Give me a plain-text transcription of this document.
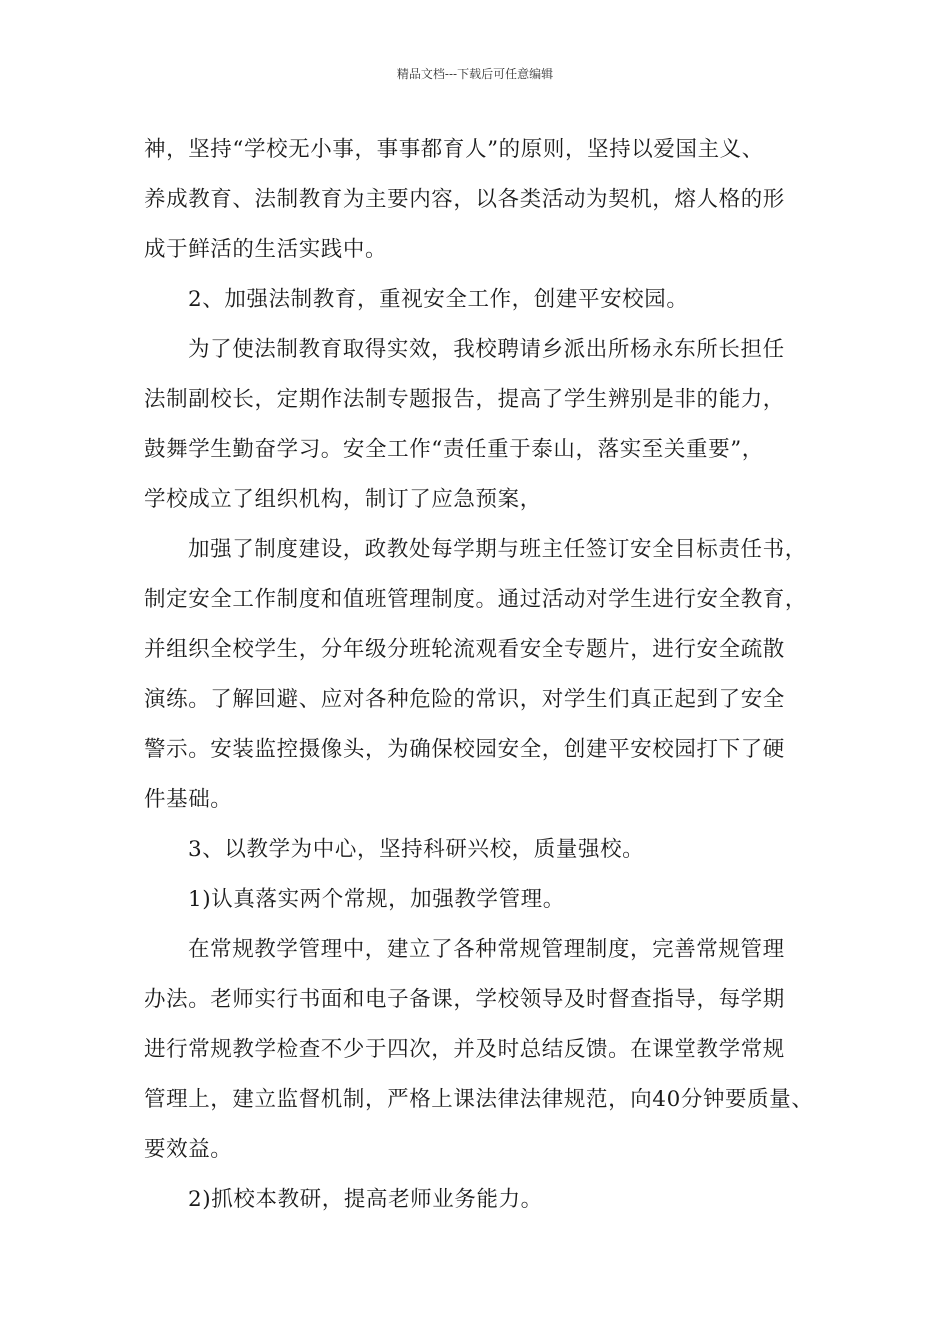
精品文档---下载后可任意编辑

神，坚持“学校无小事，事事都育人”的原则，坚持以爱国主义、
养成教育、法制教育为主要内容，以各类活动为契机，熔人格的形
成于鲜活的生活实践中。

2、加强法制教育，重视安全工作，创建平安校园。

为了使法制教育取得实效，我校聘请乡派出所杨永东所长担任
法制副校长，定期作法制专题报告，提高了学生辨别是非的能力，
鼓舞学生勤奋学习。安全工作“责任重于泰山，落实至关重要”，
学校成立了组织机构，制订了应急预案，

加强了制度建设，政教处每学期与班主任签订安全目标责任书，
制定安全工作制度和值班管理制度。通过活动对学生进行安全教育，
并组织全校学生，分年级分班轮流观看安全专题片，进行安全疏散
演练。了解回避、应对各种危险的常识，对学生们真正起到了安全
警示。安装监控摄像头，为确保校园安全，创建平安校园打下了硬
件基础。

3、以教学为中心，坚持科研兴校，质量强校。

1)认真落实两个常规，加强教学管理。

在常规教学管理中，建立了各种常规管理制度，完善常规管理
办法。老师实行书面和电子备课，学校领导及时督查指导，每学期
进行常规教学检查不少于四次，并及时总结反馈。在课堂教学常规
管理上，建立监督机制，严格上课法律法律规范，向40分钟要质量、
要效益。

2)抓校本教研，提高老师业务能力。
